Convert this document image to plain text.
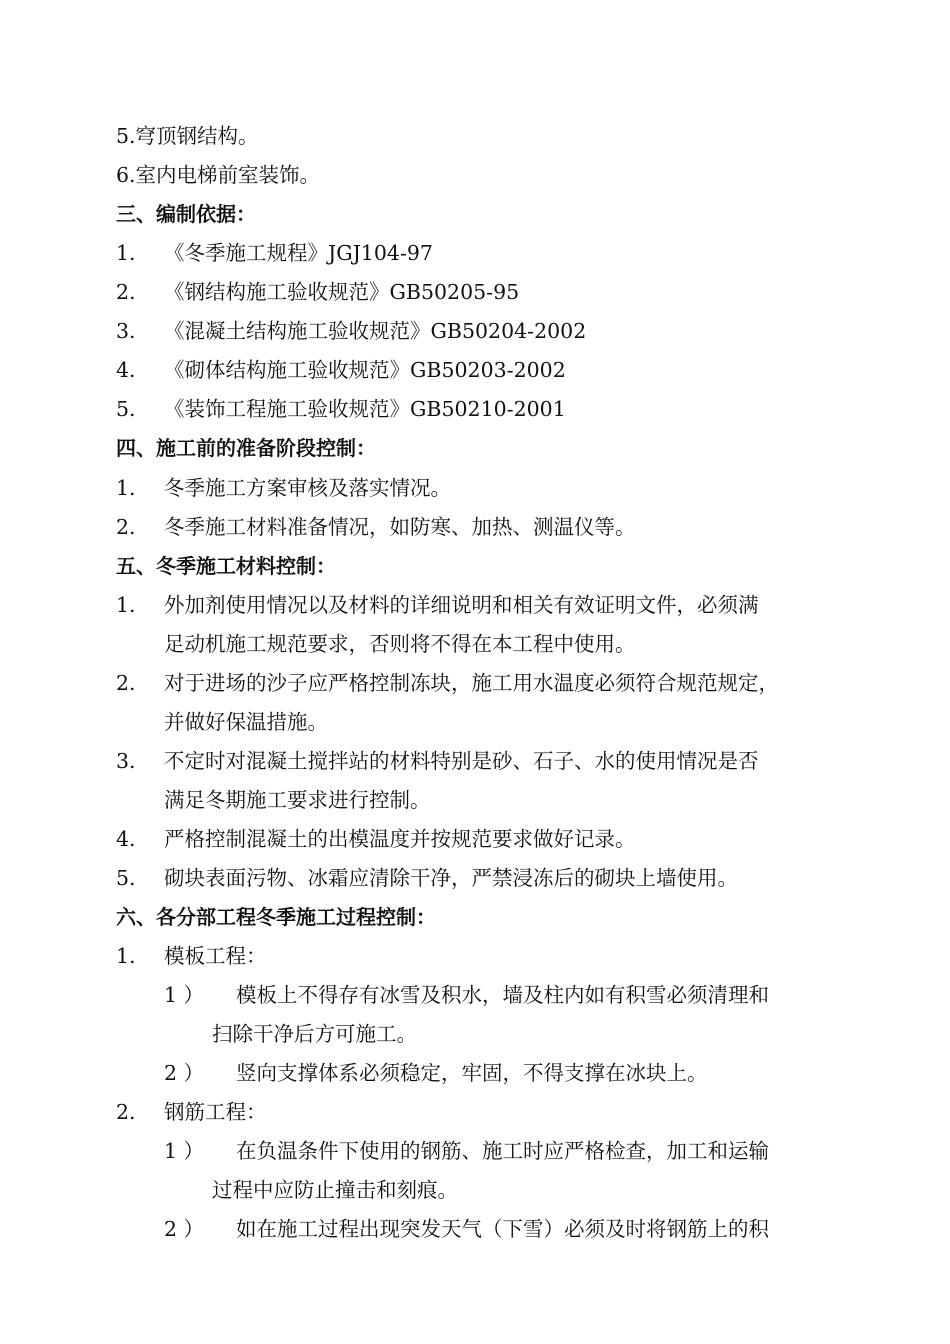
5.穹顶钢结构。
6.室内电梯前室装饰。
三、编制依据：
1. 《冬季施工规程》JGJ104-97
2. 《钢结构施工验收规范》GB50205-95
3. 《混凝土结构施工验收规范》GB50204-2002
4. 《砌体结构施工验收规范》GB50203-2002
5. 《装饰工程施工验收规范》GB50210-2001
四、施工前的准备阶段控制：
1. 冬季施工方案审核及落实情况。
2. 冬季施工材料准备情况，如防寒、加热、测温仪等。
五、冬季施工材料控制：
1. 外加剂使用情况以及材料的详细说明和相关有效证明文件，必须满
足动机施工规范要求，否则将不得在本工程中使用。
2. 对于进场的沙子应严格控制冻块，施工用水温度必须符合规范规定，
并做好保温措施。
3. 不定时对混凝土搅拌站的材料特别是砂、石子、水的使用情况是否
满足冬期施工要求进行控制。
4. 严格控制混凝土的出模温度并按规范要求做好记录。
5. 砌块表面污物、冰霜应清除干净，严禁浸冻后的砌块上墙使用。
六、各分部工程冬季施工过程控制：
1. 模板工程：
1 ） 模板上不得存有冰雪及积水，墙及柱内如有积雪必须清理和
扫除干净后方可施工。
2 ） 竖向支撑体系必须稳定，牢固，不得支撑在冰块上。
2. 钢筋工程：
1 ） 在负温条件下使用的钢筋、施工时应严格检查，加工和运输
过程中应防止撞击和刻痕。
2 ） 如在施工过程出现突发天气（下雪）必须及时将钢筋上的积
